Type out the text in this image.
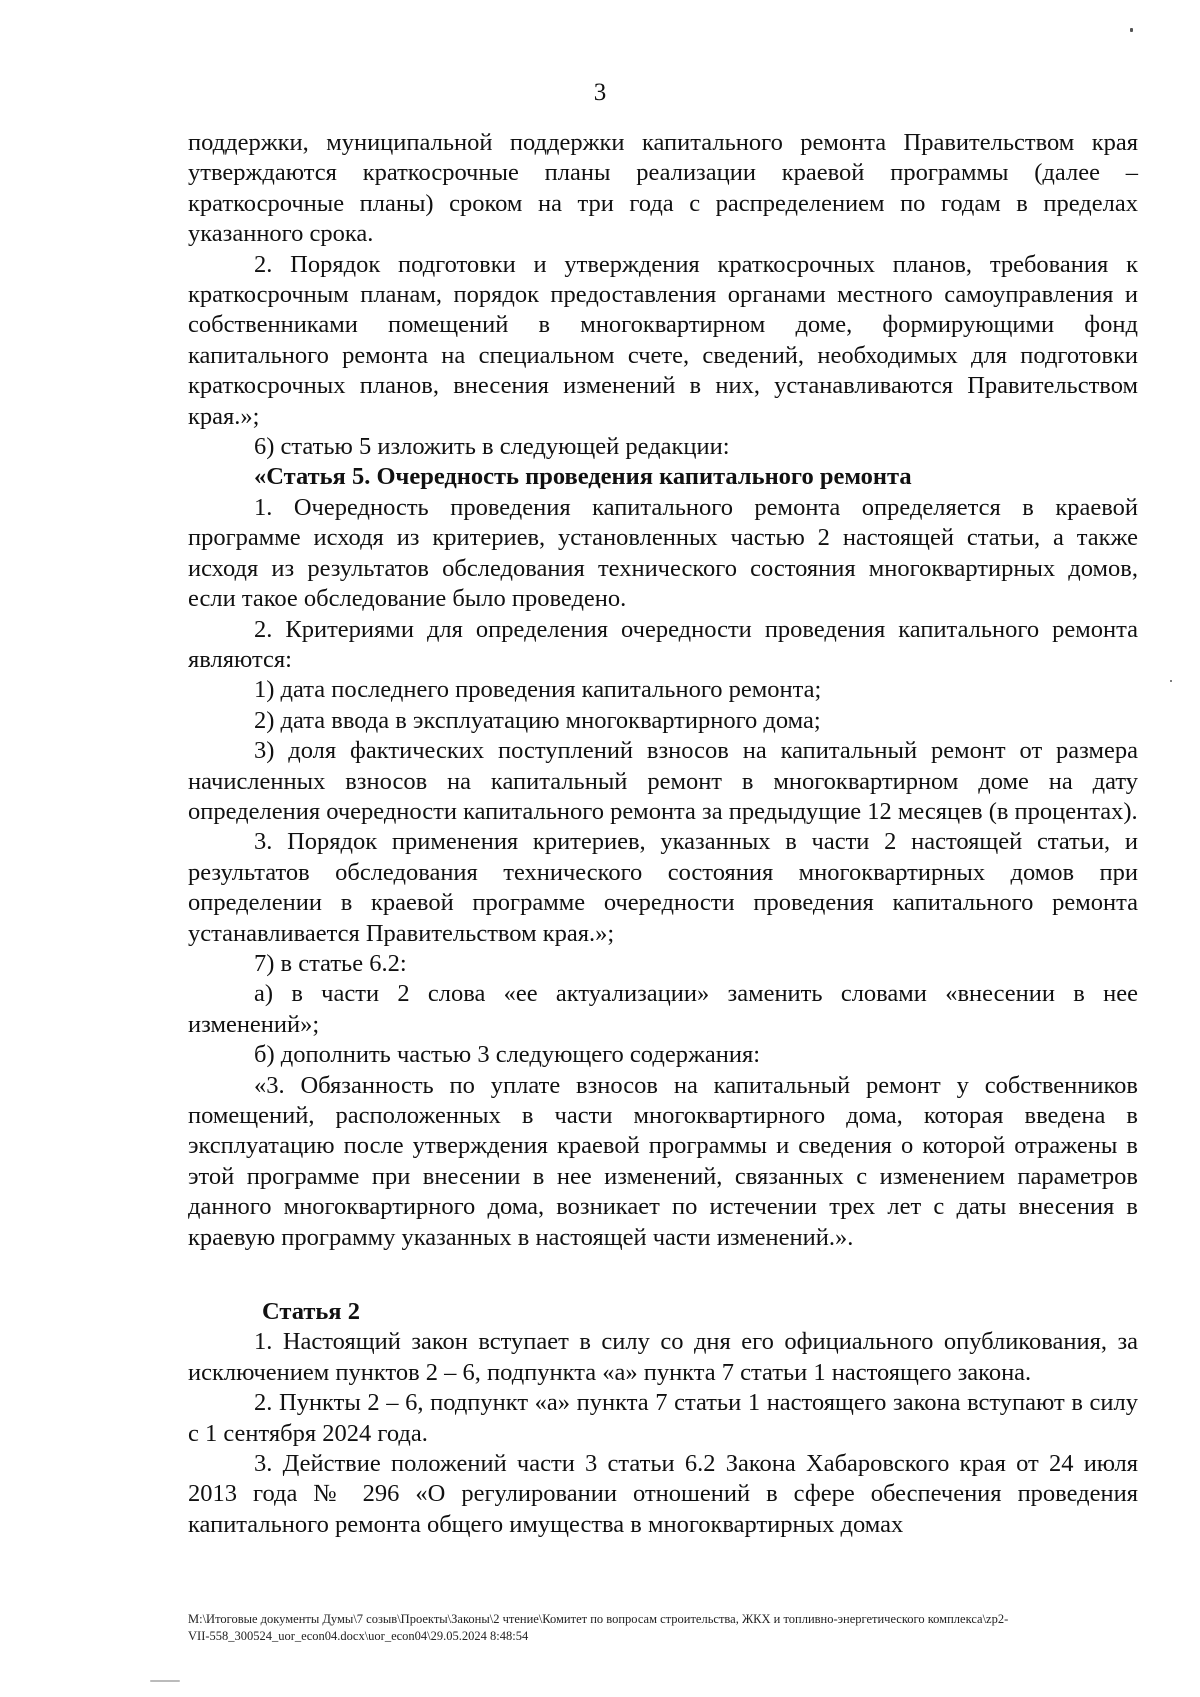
3

поддержки, муниципальной поддержки капитального ремонта Правительством края утверждаются краткосрочные планы реализации краевой программы (далее – краткосрочные планы) сроком на три года с распределением по годам в пределах указанного срока.

2. Порядок подготовки и утверждения краткосрочных планов, требования к краткосрочным планам, порядок предоставления органами местного самоуправления и собственниками помещений в многоквартирном доме, формирующими фонд капитального ремонта на специальном счете, сведений, необходимых для подготовки краткосрочных планов, внесения изменений в них, устанавливаются Правительством края.»;

6) статью 5 изложить в следующей редакции:

«Статья 5. Очередность проведения капитального ремонта

1. Очередность проведения капитального ремонта определяется в краевой программе исходя из критериев, установленных частью 2 настоящей статьи, а также исходя из результатов обследования технического состояния многоквартирных домов, если такое обследование было проведено.

2. Критериями для определения очередности проведения капитального ремонта являются:

1) дата последнего проведения капитального ремонта;

2) дата ввода в эксплуатацию многоквартирного дома;

3) доля фактических поступлений взносов на капитальный ремонт от размера начисленных взносов на капитальный ремонт в многоквартирном доме на дату определения очередности капитального ремонта за предыдущие 12 месяцев (в процентах).

3. Порядок применения критериев, указанных в части 2 настоящей статьи, и результатов обследования технического состояния многоквартирных домов при определении в краевой программе очередности проведения капитального ремонта устанавливается Правительством края.»;

7) в статье 6.2:

а) в части 2 слова «ее актуализации» заменить словами «внесении в нее изменений»;

б) дополнить частью 3 следующего содержания:

«3. Обязанность по уплате взносов на капитальный ремонт у собственников помещений, расположенных в части многоквартирного дома, которая введена в эксплуатацию после утверждения краевой программы и сведения о которой отражены в этой программе при внесении в нее изменений, связанных с изменением параметров данного многоквартирного дома, возникает по истечении трех лет с даты внесения в краевую программу указанных в настоящей части изменений.».

Статья 2

1. Настоящий закон вступает в силу со дня его официального опубликования, за исключением пунктов 2 – 6, подпункта «а» пункта 7 статьи 1 настоящего закона.

2. Пункты 2 – 6, подпункт «а» пункта 7 статьи 1 настоящего закона вступают в силу с 1 сентября 2024 года.

3. Действие положений части 3 статьи 6.2 Закона Хабаровского края от 24 июля 2013 года № 296 «О регулировании отношений в сфере обеспечения проведения капитального ремонта общего имущества в многоквартирных домах

M:\Итоговые документы Думы\7 созыв\Проекты\Законы\2 чтение\Комитет по вопросам строительства, ЖКХ и топливно-энергетического комплекса\zp2-

VII-558_300524_uor_econ04.docx\uor_econ04\29.05.2024 8:48:54
